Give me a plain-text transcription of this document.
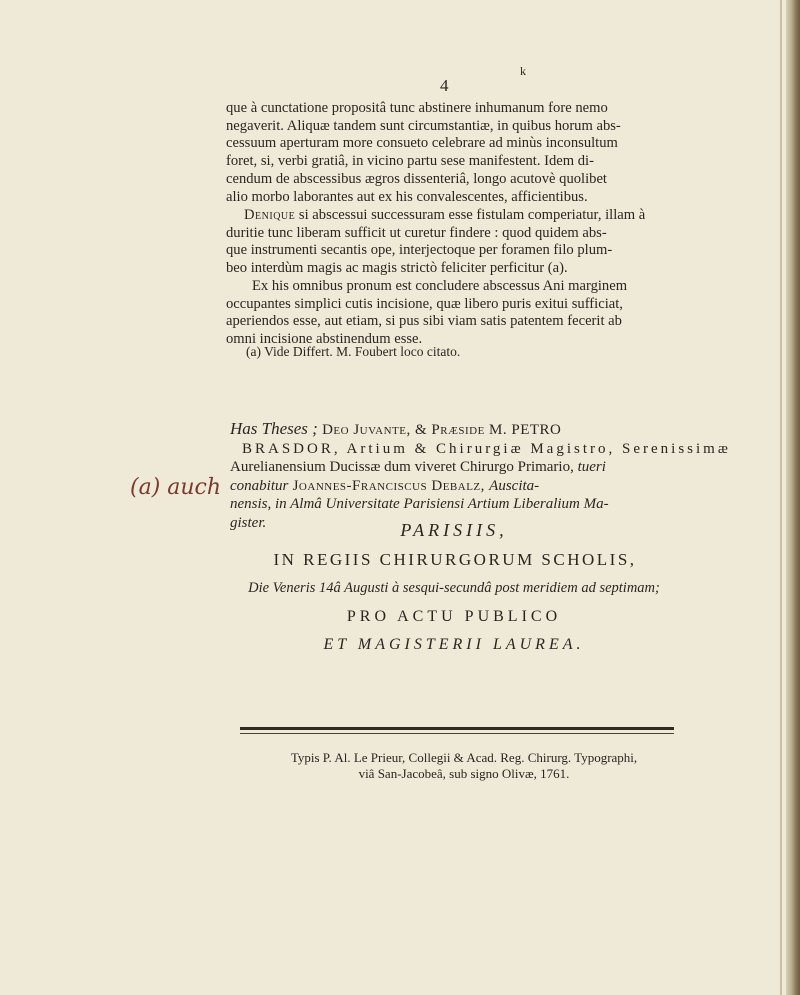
4
k
que à cunctatione propositâ tunc abstinere inhumanum fore nemo
negaverit. Aliquæ tandem sunt circumstantiæ, in quibus horum abs-
cessuum aperturam more consueto celebrare ad minùs inconsultum
foret, si, verbi gratiâ, in vicino partu sese manifestent. Idem di-
cendum de abscessibus ægros dissenteriâ, longo acutovè quolibet
alio morbo laborantes aut ex his convalescentes, afficientibus.
Denique si abscessui successuram esse fistulam comperiatur, illam à
duritie tunc liberam sufficit ut curetur findere : quod quidem abs-
que instrumenti secantis ope, interjectoque per foramen filo plum-
beo interdùm magis ac magis strictò feliciter perficitur (a).
Ex his omnibus pronum est concludere abscessus Ani marginem
occupantes simplici cutis incisione, quæ libero puris exitui sufficiat,
aperiendos esse, aut etiam, si pus sibi viam satis patentem fecerit ab
omni incisione abstinendum esse.
(a) Vide Differt. M. Foubert loco citato.
Has Theses ; Deo Juvante, & Præside M. PETRO
BRASDOR, Artium & Chirurgiæ Magistro, Serenissimæ
Aurelianensium Ducissæ dum viveret Chirurgo Primario, tueri
conabitur Joannes-Franciscus Debalz, Auscita-
nensis, in Almâ Universitate Parisiensi Artium Liberalium Ma-
gister.	PARISIIS,
IN REGIIS CHIRURGORUM SCHOLIS,
Die Veneris 14â Augusti à sesqui-secundâ post meridiem ad septimam;
PRO ACTU PUBLICO
ET MAGISTERII LAUREA.
(a) auch
Typis P. Al. Le Prieur, Collegii & Acad. Reg. Chirurg. Typographi,
viâ San-Jacobeâ, sub signo Olivæ, 1761.
